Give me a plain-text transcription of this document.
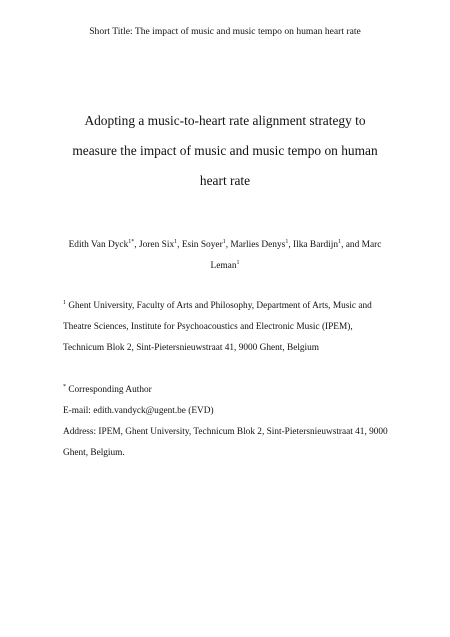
Short Title: The impact of music and music tempo on human heart rate
Adopting a music-to-heart rate alignment strategy to
measure the impact of music and music tempo on human
heart rate
Edith Van Dyck$^{1*}$, Joren Six$^1$, Esin Soyer$^1$, Marlies Denys$^1$, Ilka Bardijn$^1$, and Marc
Leman$^1$
$^1$ Ghent University, Faculty of Arts and Philosophy, Department of Arts, Music and
Theatre Sciences, Institute for Psychoacoustics and Electronic Music (IPEM),
Technicum Blok 2, Sint-Pietersnieuwstraat 41, 9000 Ghent, Belgium
* Corresponding Author
E-mail: edith.vandyck@ugent.be (EVD)
Address: IPEM, Ghent University, Technicum Blok 2, Sint-Pietersnieuwstraat 41, 9000
Ghent, Belgium.
